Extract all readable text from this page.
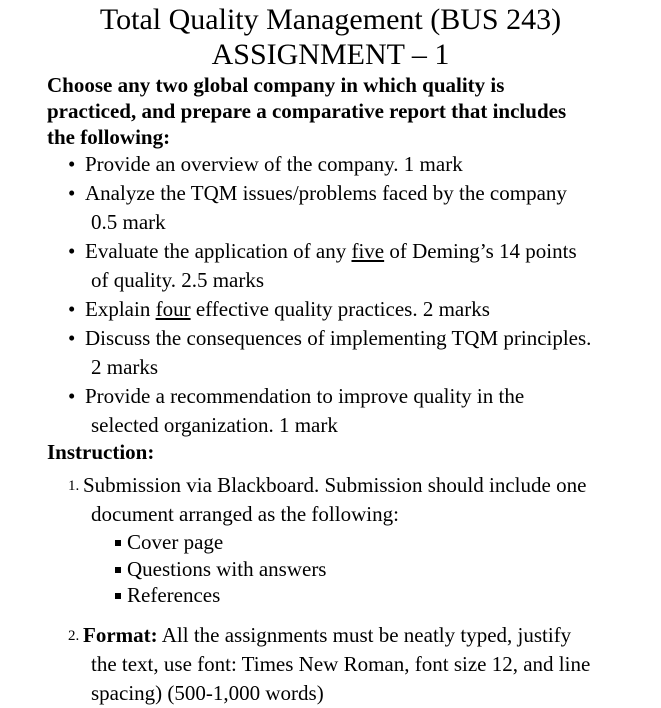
Total Quality Management (BUS 243)
ASSIGNMENT – 1
Choose any two global company in which quality is
practiced, and prepare a comparative report that includes
the following:
• Provide an overview of the company. 1 mark
• Analyze the TQM issues/problems faced by the company
0.5 mark
• Evaluate the application of any five of Deming’s 14 points
of quality. 2.5 marks
• Explain four effective quality practices. 2 marks
• Discuss the consequences of implementing TQM principles.
2 marks
• Provide a recommendation to improve quality in the
selected organization. 1 mark
Instruction:
1. Submission via Blackboard. Submission should include one
document arranged as the following:
Cover page
Questions with answers
References
2. Format: All the assignments must be neatly typed, justify
the text, use font: Times New Roman, font size 12, and line
spacing) (500-1,000 words)
